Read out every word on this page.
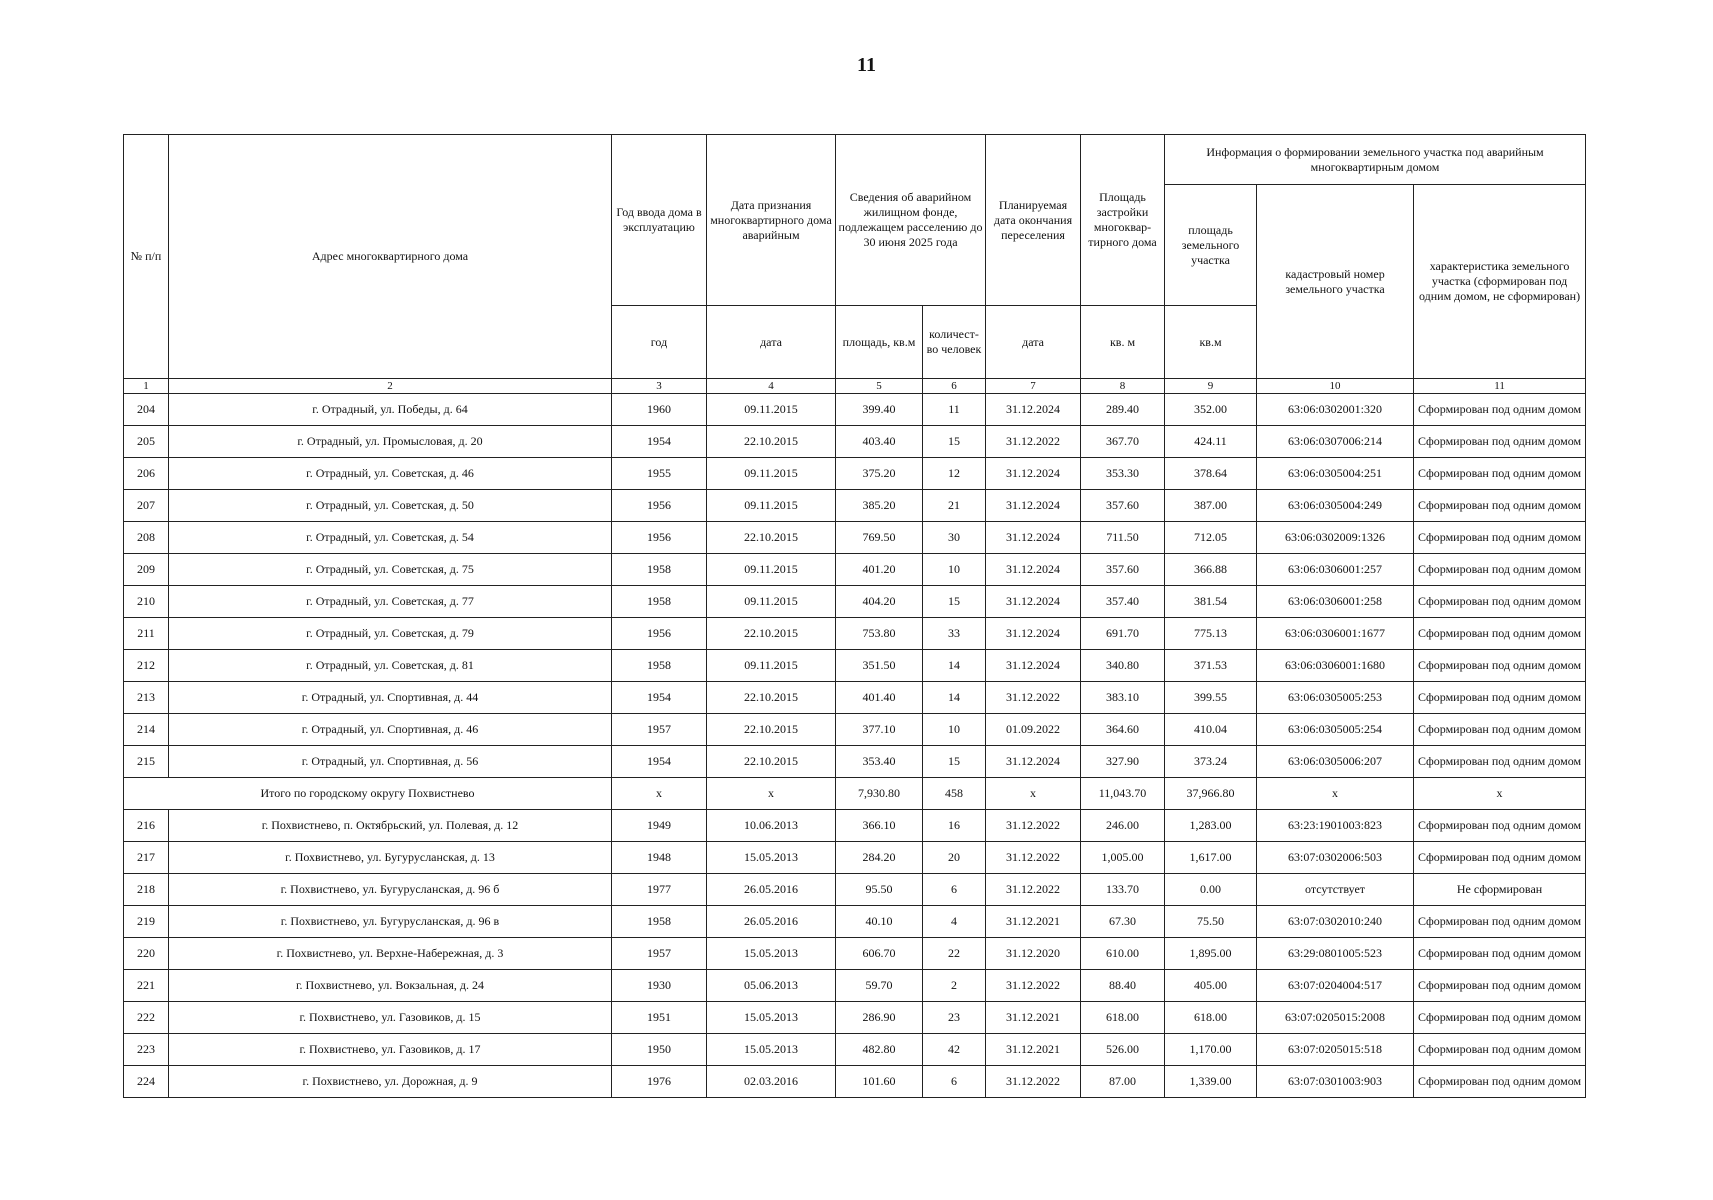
11
№ п/п	Адрес многоквартирного дома	Год ввода дома в эксплуатацию	Дата признания многоквартирного дома аварийным	Сведения об аварийном жилищном фонде, подлежащем расселению до 30 июня 2025 года		Планируемая дата окончания переселения	Площадь застройки многоквар-тирного дома	Информация о формировании земельного участка под аварийным многоквартирным домом		
								площадь земельного участка	кадастровый номер земельного участка	характеристика земельного участка (сформирован под одним домом, не сформирован)
		год	дата	площадь, кв.м	количест-во человек	дата	кв. м	кв.м		
1	2	3	4	5	6	7	8	9	10	11
204	г. Отрадный, ул. Победы, д. 64	1960	09.11.2015	399.40	11	31.12.2024	289.40	352.00	63:06:0302001:320	Сформирован под одним домом
205	г. Отрадный, ул. Промысловая, д. 20	1954	22.10.2015	403.40	15	31.12.2022	367.70	424.11	63:06:0307006:214	Сформирован под одним домом
206	г. Отрадный, ул. Советская, д. 46	1955	09.11.2015	375.20	12	31.12.2024	353.30	378.64	63:06:0305004:251	Сформирован под одним домом
207	г. Отрадный, ул. Советская, д. 50	1956	09.11.2015	385.20	21	31.12.2024	357.60	387.00	63:06:0305004:249	Сформирован под одним домом
208	г. Отрадный, ул. Советская, д. 54	1956	22.10.2015	769.50	30	31.12.2024	711.50	712.05	63:06:0302009:1326	Сформирован под одним домом
209	г. Отрадный, ул. Советская, д. 75	1958	09.11.2015	401.20	10	31.12.2024	357.60	366.88	63:06:0306001:257	Сформирован под одним домом
210	г. Отрадный, ул. Советская, д. 77	1958	09.11.2015	404.20	15	31.12.2024	357.40	381.54	63:06:0306001:258	Сформирован под одним домом
211	г. Отрадный, ул. Советская, д. 79	1956	22.10.2015	753.80	33	31.12.2024	691.70	775.13	63:06:0306001:1677	Сформирован под одним домом
212	г. Отрадный, ул. Советская, д. 81	1958	09.11.2015	351.50	14	31.12.2024	340.80	371.53	63:06:0306001:1680	Сформирован под одним домом
213	г. Отрадный, ул. Спортивная, д. 44	1954	22.10.2015	401.40	14	31.12.2022	383.10	399.55	63:06:0305005:253	Сформирован под одним домом
214	г. Отрадный, ул. Спортивная, д. 46	1957	22.10.2015	377.10	10	01.09.2022	364.60	410.04	63:06:0305005:254	Сформирован под одним домом
215	г. Отрадный, ул. Спортивная, д. 56	1954	22.10.2015	353.40	15	31.12.2024	327.90	373.24	63:06:0305006:207	Сформирован под одним домом
Итого по городскому округу Похвистнево		x	x	7,930.80	458	x	11,043.70	37,966.80	x	x
216	г. Похвистнево, п. Октябрьский, ул. Полевая, д. 12	1949	10.06.2013	366.10	16	31.12.2022	246.00	1,283.00	63:23:1901003:823	Сформирован под одним домом
217	г. Похвистнево, ул. Бугурусланская, д. 13	1948	15.05.2013	284.20	20	31.12.2022	1,005.00	1,617.00	63:07:0302006:503	Сформирован под одним домом
218	г. Похвистнево, ул. Бугурусланская, д. 96 б	1977	26.05.2016	95.50	6	31.12.2022	133.70	0.00	отсутствует	Не сформирован
219	г. Похвистнево, ул. Бугурусланская, д. 96 в	1958	26.05.2016	40.10	4	31.12.2021	67.30	75.50	63:07:0302010:240	Сформирован под одним домом
220	г. Похвистнево, ул. Верхне-Набережная, д. 3	1957	15.05.2013	606.70	22	31.12.2020	610.00	1,895.00	63:29:0801005:523	Сформирован под одним домом
221	г. Похвистнево, ул. Вокзальная, д. 24	1930	05.06.2013	59.70	2	31.12.2022	88.40	405.00	63:07:0204004:517	Сформирован под одним домом
222	г. Похвистнево, ул. Газовиков, д. 15	1951	15.05.2013	286.90	23	31.12.2021	618.00	618.00	63:07:0205015:2008	Сформирован под одним домом
223	г. Похвистнево, ул. Газовиков, д. 17	1950	15.05.2013	482.80	42	31.12.2021	526.00	1,170.00	63:07:0205015:518	Сформирован под одним домом
224	г. Похвистнево, ул. Дорожная, д. 9	1976	02.03.2016	101.60	6	31.12.2022	87.00	1,339.00	63:07:0301003:903	Сформирован под одним домом
